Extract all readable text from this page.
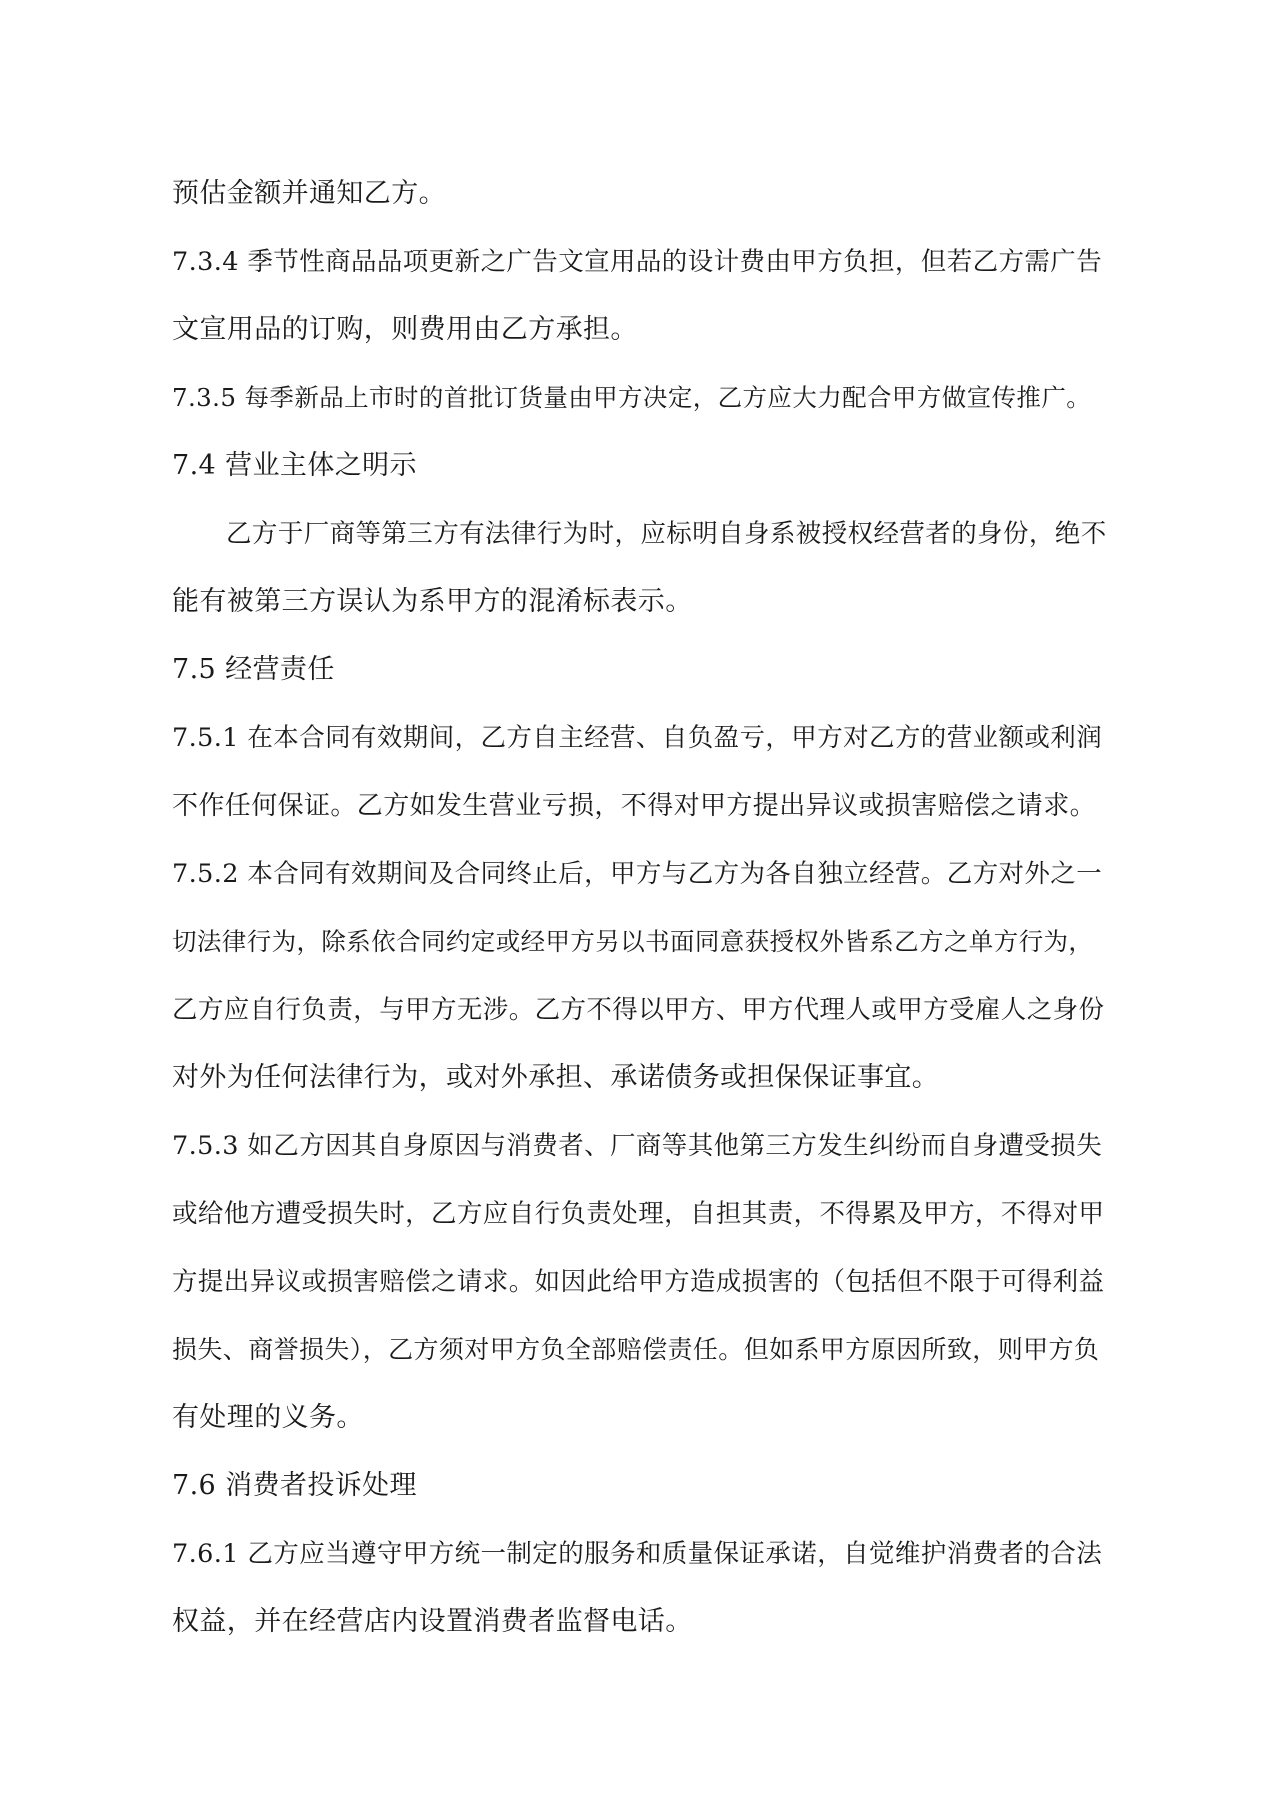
预估金额并通知乙方。
7.3.4 季节性商品品项更新之广告文宣用品的设计费由甲方负担，但若乙方需广告
文宣用品的订购，则费用由乙方承担。
7.3.5 每季新品上市时的首批订货量由甲方决定，乙方应大力配合甲方做宣传推广。
7.4 营业主体之明示
乙方于厂商等第三方有法律行为时，应标明自身系被授权经营者的身份，绝不
能有被第三方误认为系甲方的混淆标表示。
7.5 经营责任
7.5.1 在本合同有效期间，乙方自主经营、自负盈亏，甲方对乙方的营业额或利润
不作任何保证。乙方如发生营业亏损，不得对甲方提出异议或损害赔偿之请求。
7.5.2 本合同有效期间及合同终止后，甲方与乙方为各自独立经营。乙方对外之一
切法律行为，除系依合同约定或经甲方另以书面同意获授权外皆系乙方之单方行为，
乙方应自行负责，与甲方无涉。乙方不得以甲方、甲方代理人或甲方受雇人之身份
对外为任何法律行为，或对外承担、承诺债务或担保保证事宜。
7.5.3 如乙方因其自身原因与消费者、厂商等其他第三方发生纠纷而自身遭受损失
或给他方遭受损失时，乙方应自行负责处理，自担其责，不得累及甲方，不得对甲
方提出异议或损害赔偿之请求。如因此给甲方造成损害的（包括但不限于可得利益
损失、商誉损失），乙方须对甲方负全部赔偿责任。但如系甲方原因所致，则甲方负
有处理的义务。
7.6 消费者投诉处理
7.6.1 乙方应当遵守甲方统一制定的服务和质量保证承诺，自觉维护消费者的合法
权益，并在经营店内设置消费者监督电话。
